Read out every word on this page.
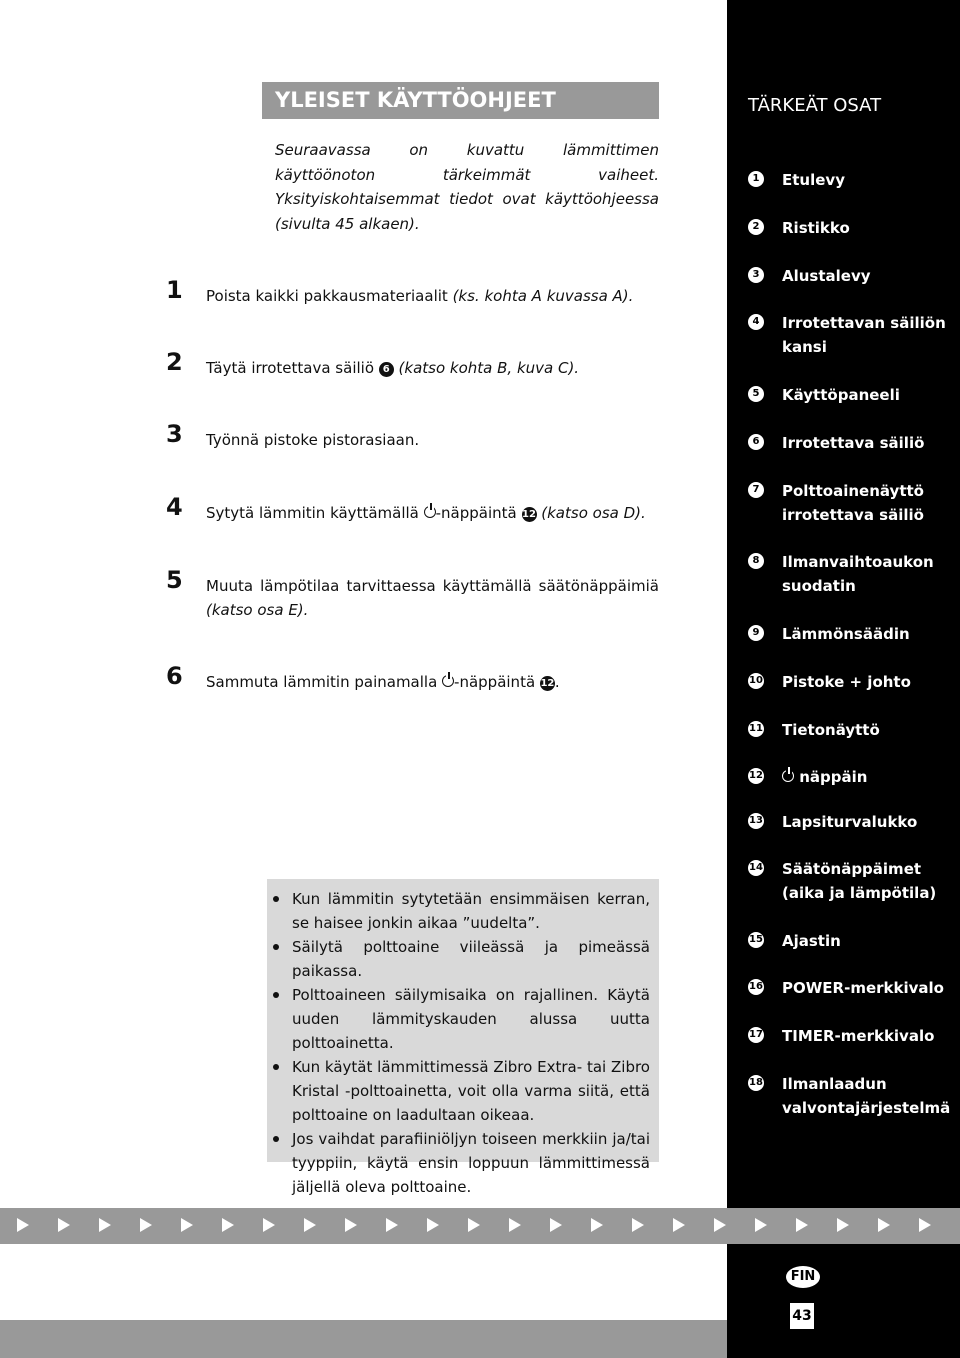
YLEISET KÄYTTÖOHJEET
Seuraavassa on kuvattu lämmittimen käyttöönoton tärkeimmät vaiheet. Yksityiskohtaisemmat tiedot ovat käyttöohjeessa (sivulta 45 alkaen).
1 Poista kaikki pakkausmateriaalit (ks. kohta A kuvassa A).
2 Täytä irrotettava säiliö 6 (katso kohta B, kuva C).
3 Työnnä pistoke pistorasiaan.
4 Sytytä lämmitin käyttämällä -näppäintä 12 (katso osa D).
5 Muuta lämpötilaa tarvittaessa käyttämällä säätönäppäimiä (katso osa E).
6 Sammuta lämmitin painamalla -näppäintä 12.
Kun lämmitin sytytetään ensimmäisen kerran, se haisee jonkin aikaa ”uudelta”.
Säilytä polttoaine viileässä ja pimeässä paikassa.
Polttoaineen säilymisaika on rajallinen. Käytä uuden lämmityskauden alussa uutta polttoainetta.
Kun käytät lämmittimessä Zibro Extra- tai Zibro Kristal -polttoainetta, voit olla varma siitä, että polttoaine on laadultaan oikeaa.
Jos vaihdat parafiiniöljyn toiseen merkkiin ja/tai tyyppiin, käytä ensin loppuun lämmittimessä jäljellä oleva polttoaine.
TÄRKEÄT OSAT
1	Etulevy
2	Ristikko
3	Alustalevy
4	Irrotettavan säiliön kansi
5	Käyttöpaneeli
6	Irrotettava säiliö
7	Polttoainenäyttö irrotettava säiliö
8	Ilmanvaihtoaukon suodatin
9	Lämmönsäädin
10 Pistoke + johto
11 Tietonäyttö
12	näppäin
13 Lapsiturvalukko
14 Säätönäppäimet (aika ja lämpötila)
15 Ajastin
16 POWER-merkkivalo
17 TIMER-merkkivalo
18 Ilmanlaadun valvontajärjestelmä
FIN
43
